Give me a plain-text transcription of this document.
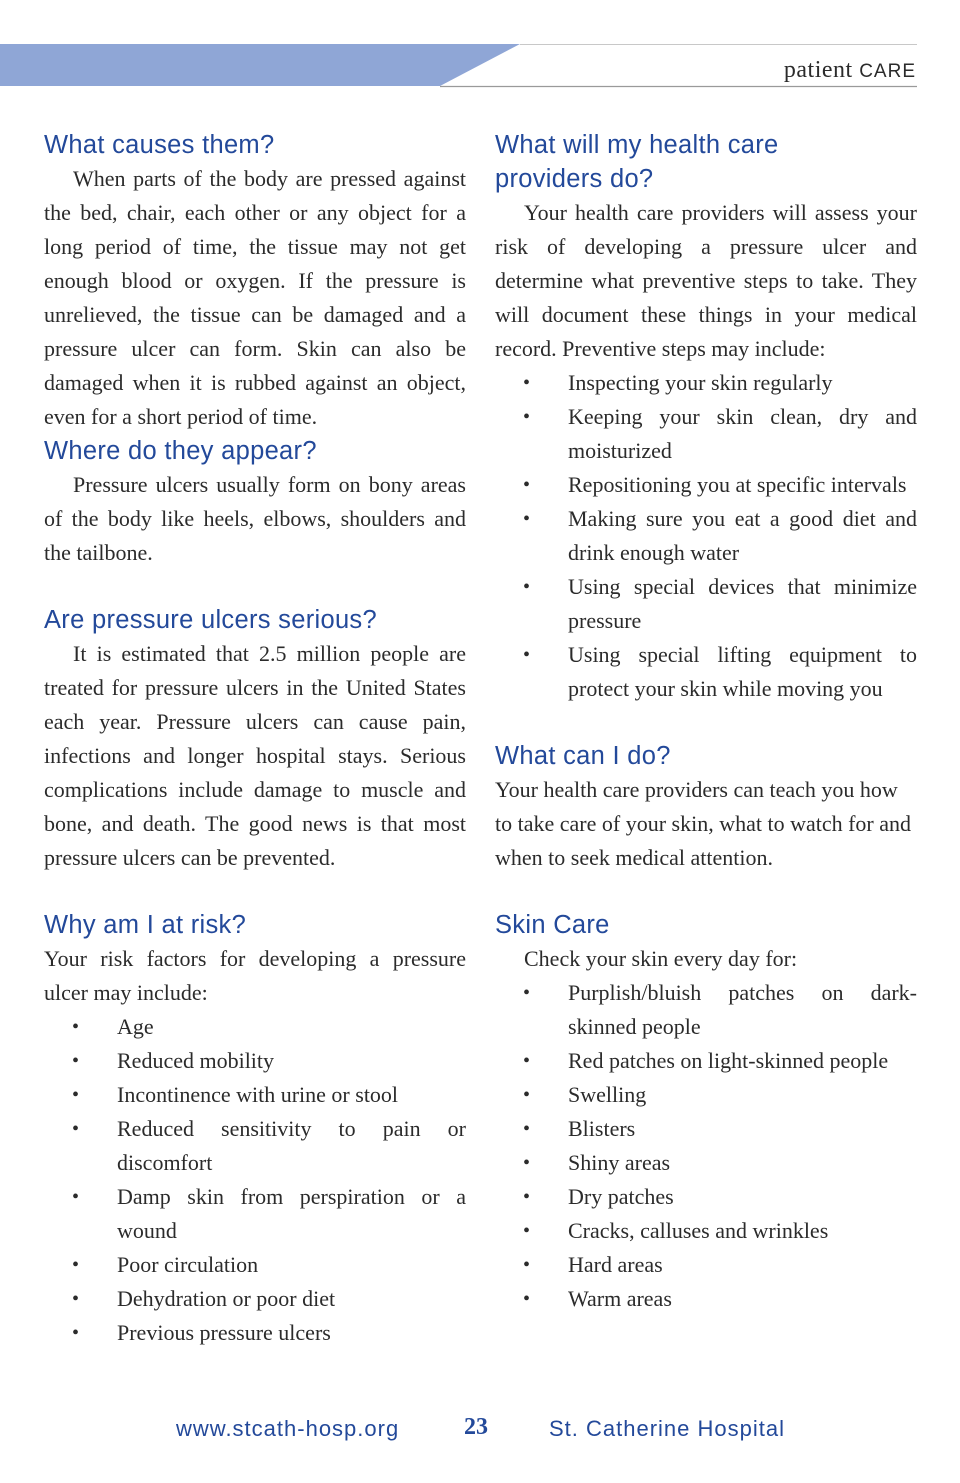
patient CARE
What causes them?

When parts of the body are pressed against the bed, chair, each other or any object for a long period of time, the tissue may not get enough blood or oxygen. If the pressure is unrelieved, the tissue can be damaged and a pressure ulcer can form. Skin can also be damaged when it is rubbed against an object, even for a short period of time.

Where do they appear?

Pressure ulcers usually form on bony areas of the body like heels, elbows, shoulders and the tailbone.

Are pressure ulcers serious?

It is estimated that 2.5 million people are treated for pressure ulcers in the United States each year. Pressure ulcers can cause pain, infections and longer hospital stays. Serious complications include damage to muscle and bone, and death. The good news is that most pressure ulcers can be prevented.

Why am I at risk?

Your risk factors for developing a pressure ulcer may include:

• Age
• Reduced mobility
• Incontinence with urine or stool
• Reduced sensitivity to pain or discomfort
• Damp skin from perspiration or a wound
• Poor circulation
• Dehydration or poor diet
• Previous pressure ulcers
What will my health care
providers do?

Your health care providers will assess your risk of developing a pressure ulcer and determine what preventive steps to take. They will document these things in your medical record. Preventive steps may include:

• Inspecting your skin regularly
• Keeping your skin clean, dry and moisturized
• Repositioning you at specific intervals
• Making sure you eat a good diet and drink enough water
• Using special devices that minimize pressure
• Using special lifting equipment to protect your skin while moving you
What can I do?

Your health care providers can teach you how to take care of your skin, what to watch for and when to seek medical attention.

Skin Care

Check your skin every day for:

• Purplish/bluish patches on dark-skinned people
• Red patches on light-skinned people
• Swelling
• Blisters
• Shiny areas
• Dry patches
• Cracks, calluses and wrinkles
• Hard areas
• Warm areas
www.stcath-hosp.org	23	St. Catherine Hospital
